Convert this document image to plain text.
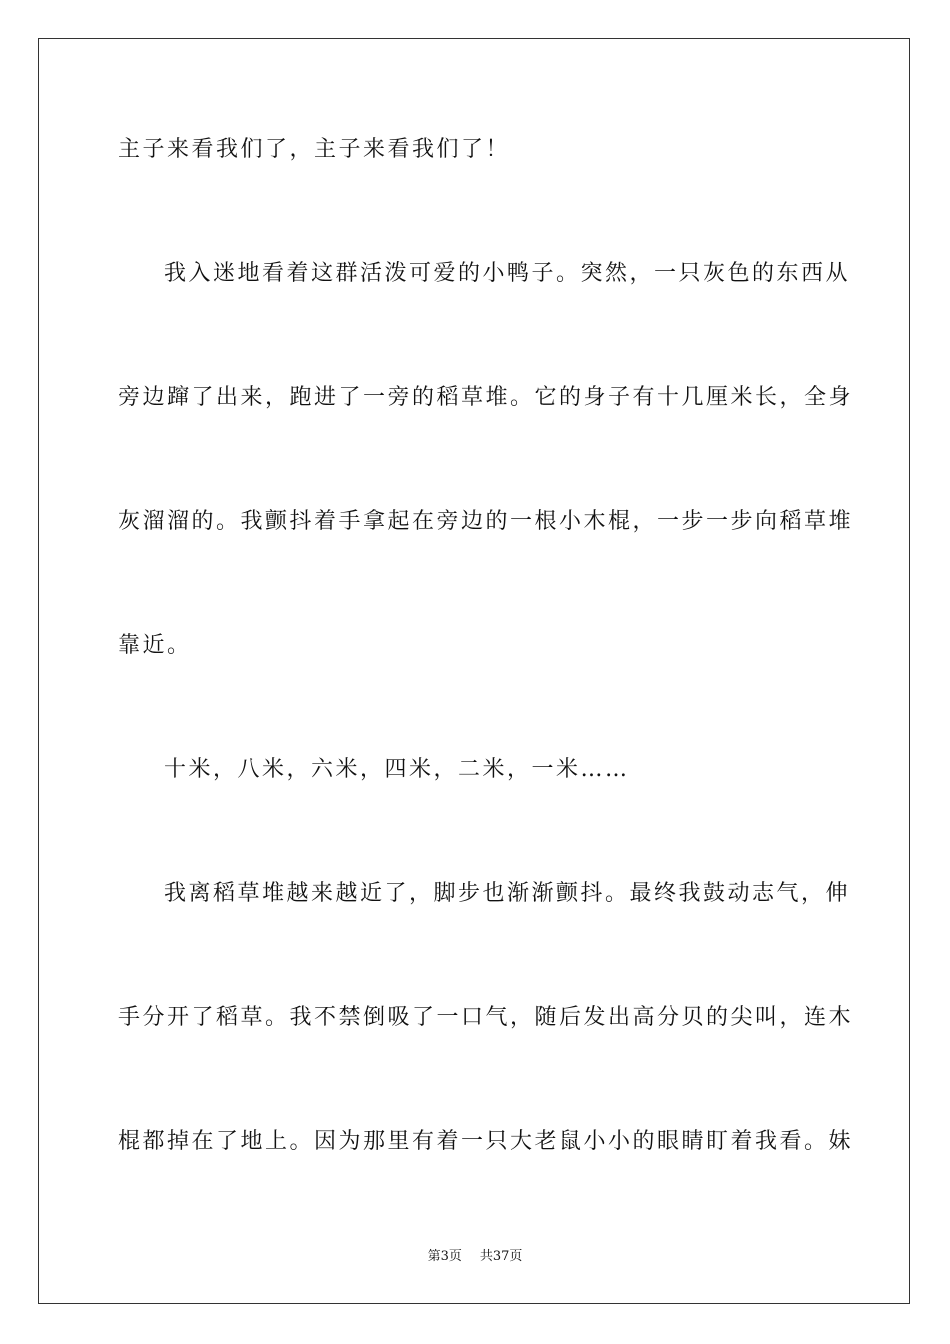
主子来看我们了，主子来看我们了！
我入迷地看着这群活泼可爱的小鸭子。突然，一只灰色的东西从
旁边蹿了出来，跑进了一旁的稻草堆。它的身子有十几厘米长，全身
灰溜溜的。我颤抖着手拿起在旁边的一根小木棍，一步一步向稻草堆
靠近。
十米，八米，六米，四米，二米，一米……
我离稻草堆越来越近了，脚步也渐渐颤抖。最终我鼓动志气，伸
手分开了稻草。我不禁倒吸了一口气，随后发出高分贝的尖叫，连木
棍都掉在了地上。因为那里有着一只大老鼠小小的眼睛盯着我看。妹
第3页 共37页
